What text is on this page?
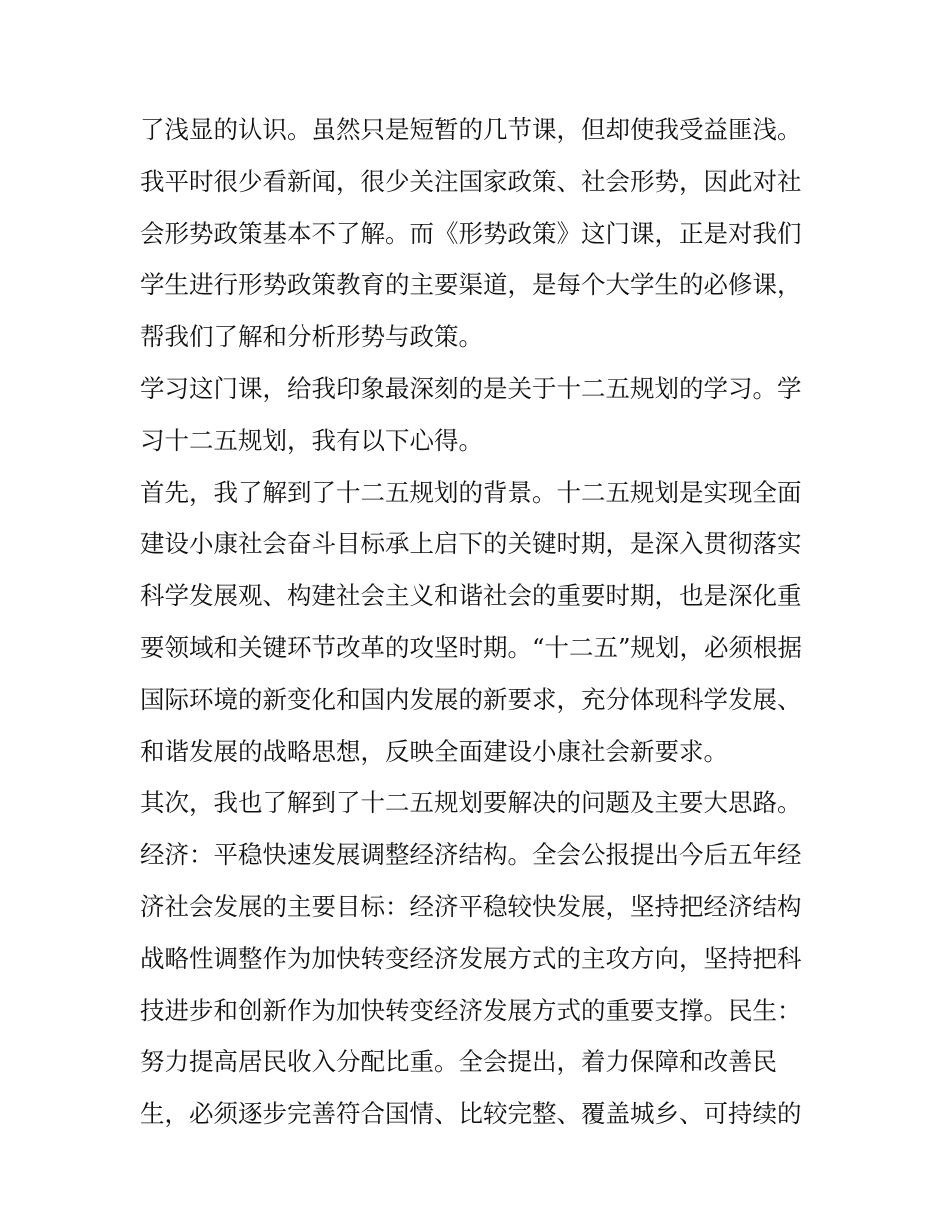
了浅显的认识。虽然只是短暂的几节课，但却使我受益匪浅。
我平时很少看新闻，很少关注国家政策、社会形势，因此对社
会形势政策基本不了解。而《形势政策》这门课，正是对我们
学生进行形势政策教育的主要渠道，是每个大学生的必修课，
帮我们了解和分析形势与政策。
学习这门课，给我印象最深刻的是关于十二五规划的学习。学
习十二五规划，我有以下心得。
首先，我了解到了十二五规划的背景。十二五规划是实现全面
建设小康社会奋斗目标承上启下的关键时期，是深入贯彻落实
科学发展观、构建社会主义和谐社会的重要时期，也是深化重
要领域和关键环节改革的攻坚时期。“十二五”规划，必须根据
国际环境的新变化和国内发展的新要求，充分体现科学发展、
和谐发展的战略思想，反映全面建设小康社会新要求。
其次，我也了解到了十二五规划要解决的问题及主要大思路。
经济：平稳快速发展调整经济结构。全会公报提出今后五年经
济社会发展的主要目标：经济平稳较快发展，坚持把经济结构
战略性调整作为加快转变经济发展方式的主攻方向，坚持把科
技进步和创新作为加快转变经济发展方式的重要支撑。民生：
努力提高居民收入分配比重。全会提出，着力保障和改善民
生，必须逐步完善符合国情、比较完整、覆盖城乡、可持续的
